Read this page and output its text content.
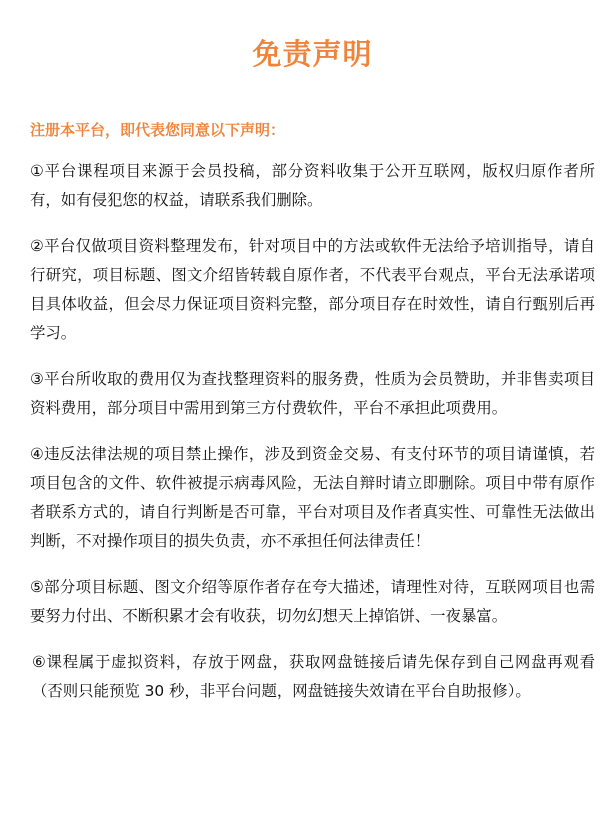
免责声明
注册本平台，即代表您同意以下声明：
①平台课程项目来源于会员投稿，部分资料收集于公开互联网，版权归原作者所有，如有侵犯您的权益，请联系我们删除。
②平台仅做项目资料整理发布，针对项目中的方法或软件无法给予培训指导，请自行研究，项目标题、图文介绍皆转载自原作者，不代表平台观点，平台无法承诺项目具体收益，但会尽力保证项目资料完整，部分项目存在时效性，请自行甄别后再学习。
③平台所收取的费用仅为查找整理资料的服务费，性质为会员赞助，并非售卖项目资料费用，部分项目中需用到第三方付费软件，平台不承担此项费用。
④违反法律法规的项目禁止操作，涉及到资金交易、有支付环节的项目请谨慎，若项目包含的文件、软件被提示病毒风险，无法自辩时请立即删除。项目中带有原作者联系方式的，请自行判断是否可靠，平台对项目及作者真实性、可靠性无法做出判断，不对操作项目的损失负责，亦不承担任何法律责任！
⑤部分项目标题、图文介绍等原作者存在夸大描述，请理性对待，互联网项目也需要努力付出、不断积累才会有收获，切勿幻想天上掉馅饼、一夜暴富。
⑥课程属于虚拟资料，存放于网盘，获取网盘链接后请先保存到自己网盘再观看（否则只能预览 30 秒，非平台问题，网盘链接失效请在平台自助报修）。
